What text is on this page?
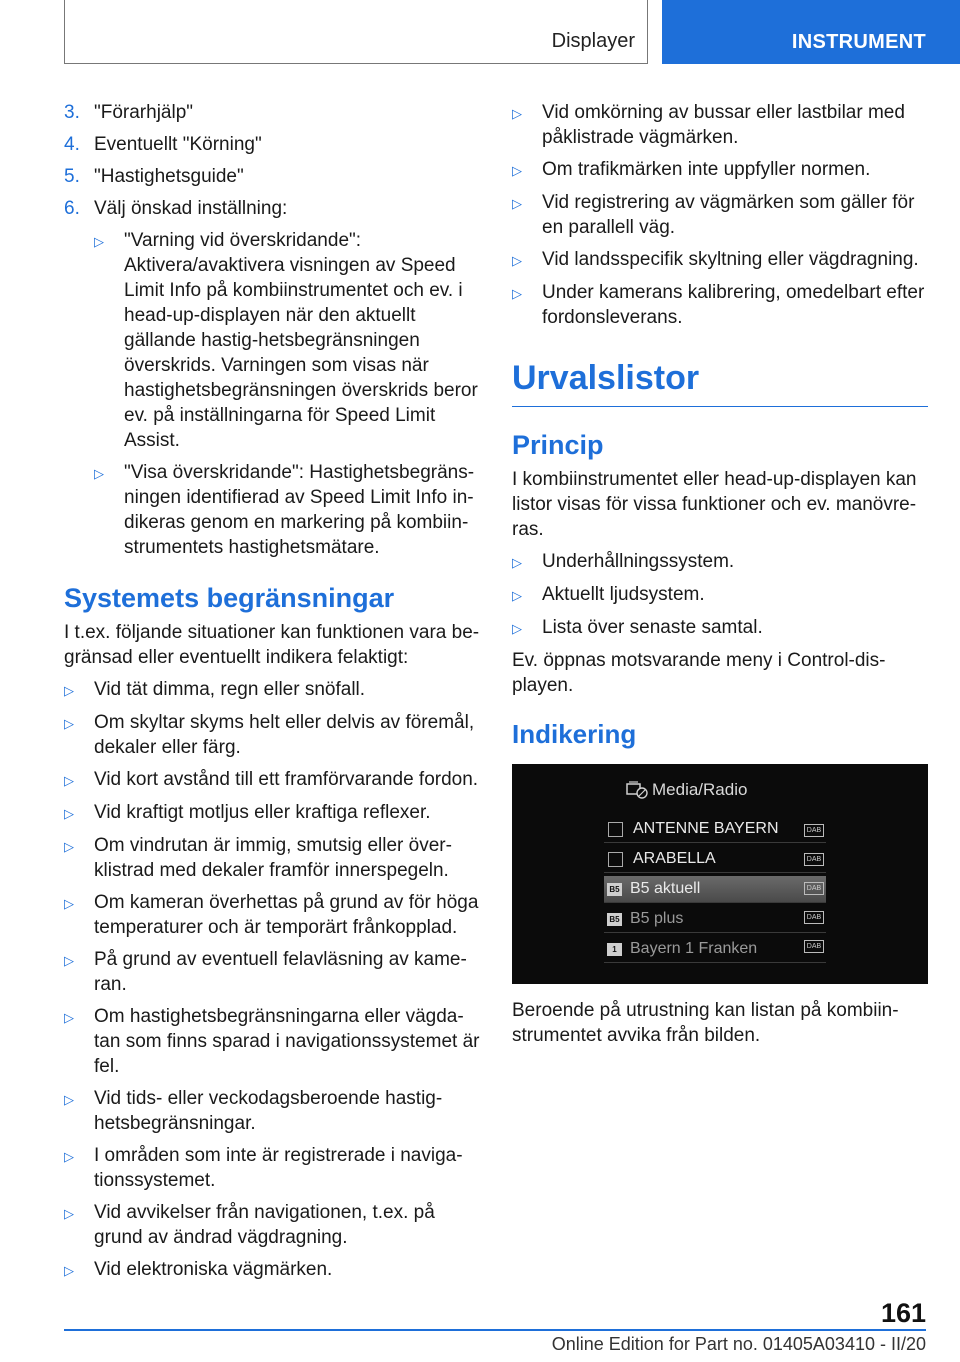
Displayer	INSTRUMENT
3. "Förarhjälp"
4. Eventuellt "Körning"
5. "Hastighetsguide"
6. Välj önskad inställning:
▷	"Varning vid överskridande": Aktivera/avaktivera visningen av Speed Limit Info på kombiinstrumentet och ev. i head-up-displayen när den aktuellt gällande hastig-hetsbegränsningen överskrids. Varningen som visas när hastighetsbegränsningen överskrids beror ev. på inställningarna för Speed Limit Assist.
▷	"Visa överskridande": Hastighetsbegräns-ningen identifierad av Speed Limit Info in-dikeras genom en markering på kombiin-strumentets hastighetsmätare.
Systemets begränsningar

I t.ex. följande situationer kan funktionen vara be-gränsad eller eventuellt indikera felaktigt:

▷	Vid tät dimma, regn eller snöfall.
▷	Om skyltar skyms helt eller delvis av föremål, dekaler eller färg.
▷	Vid kort avstånd till ett framförvarande fordon.
▷	Vid kraftigt motljus eller kraftiga reflexer.
▷	Om vindrutan är immig, smutsig eller över-klistrad med dekaler framför innerspegeln.
▷	Om kameran överhettas på grund av för höga temperaturer och är temporärt frånkopplad.
▷	På grund av eventuell felavläsning av kame-ran.
▷	Om hastighetsbegränsningarna eller vägda-tan som finns sparad i navigationssystemet är fel.
▷	Vid tids- eller veckodagsberoende hastig-hetsbegränsningar.
▷	I områden som inte är registrerade i naviga-tionssystemet.
▷	Vid avvikelser från navigationen, t.ex. på grund av ändrad vägdragning.
▷	Vid elektroniska vägmärken.
▷	Vid omkörning av bussar eller lastbilar med påklistrade vägmärken.
▷	Om trafikmärken inte uppfyller normen.
▷	Vid registrering av vägmärken som gäller för en parallell väg.
▷	Vid landsspecifik skyltning eller vägdragning.
▷	Under kamerans kalibrering, omedelbart efter fordonsleverans.
Urvalslistor
Princip

I kombiinstrumentet eller head-up-displayen kan listor visas för vissa funktioner och ev. manövre-ras.

▷	Underhållningssystem.
▷	Aktuellt ljudsystem.
▷	Lista över senaste samtal.

Ev. öppnas motsvarande meny i Control-dis-playen.

Indikering
Media/Radio
ANTENNE BAYERN
ARABELLA
B5 B5 aktuell
B5 B5 plus
1 Bayern 1 Franken
DAB
DAB
DAB
DAB
DAB

Beroende på utrustning kan listan på kombiin-strumentet avvika från bilden.

161
Online Edition for Part no. 01405A03410 - II/20
